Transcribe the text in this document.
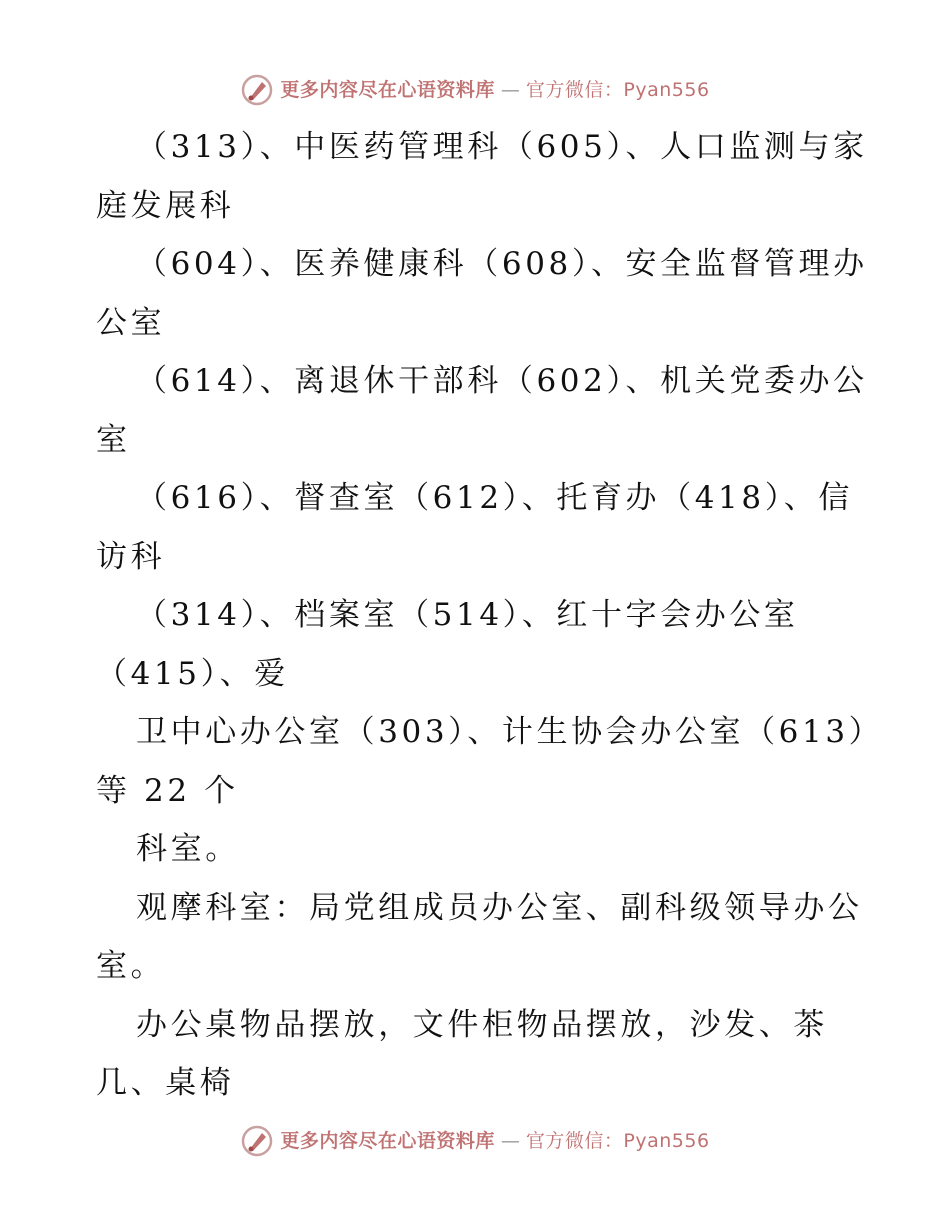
更多内容尽在心语资料库 — 官方微信：Pyan556
（313）、中医药管理科（605）、人口监测与家
庭发展科
（604）、医养健康科（608）、安全监督管理办
公室
（614）、离退休干部科（602）、机关党委办公
室
（616）、督查室（612）、托育办（418）、信
访科
（314）、档案室（514）、红十字会办公室
（415）、爱
卫中心办公室（303）、计生协会办公室（613）
等 22 个
科室。
观摩科室：局党组成员办公室、副科级领导办公
室。
办公桌物品摆放，文件柜物品摆放，沙发、茶
几、桌椅
更多内容尽在心语资料库 — 官方微信：Pyan556
